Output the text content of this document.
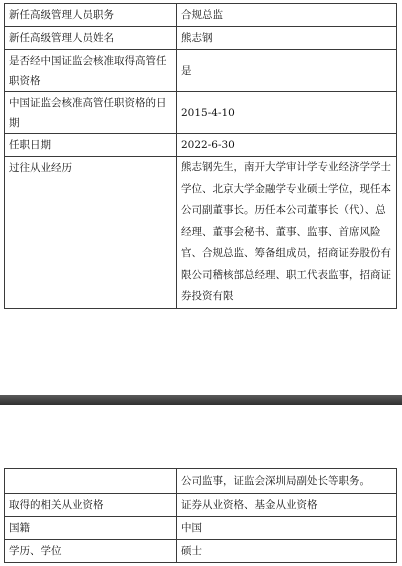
新任高级管理人员职务	合规总监
新任高级管理人员姓名	熊志钢
是否经中国证监会核准取得高管任职资格	是
中国证监会核准高管任职资格的日期	2015-4-10
任职日期	2022-6-30
过往从业经历	熊志钢先生，南开大学审计学专业经济学学士学位、北京大学金融学专业硕士学位，现任本公司副董事长。历任本公司董事长（代）、总经理、董事会秘书、董事、监事、首席风险官、合规总监、筹备组成员，招商证券股份有限公司稽核部总经理、职工代表监事，招商证券投资有限
	公司监事，证监会深圳局副处长等职务。
取得的相关从业资格	证券从业资格、基金从业资格
国籍	中国
学历、学位	硕士
